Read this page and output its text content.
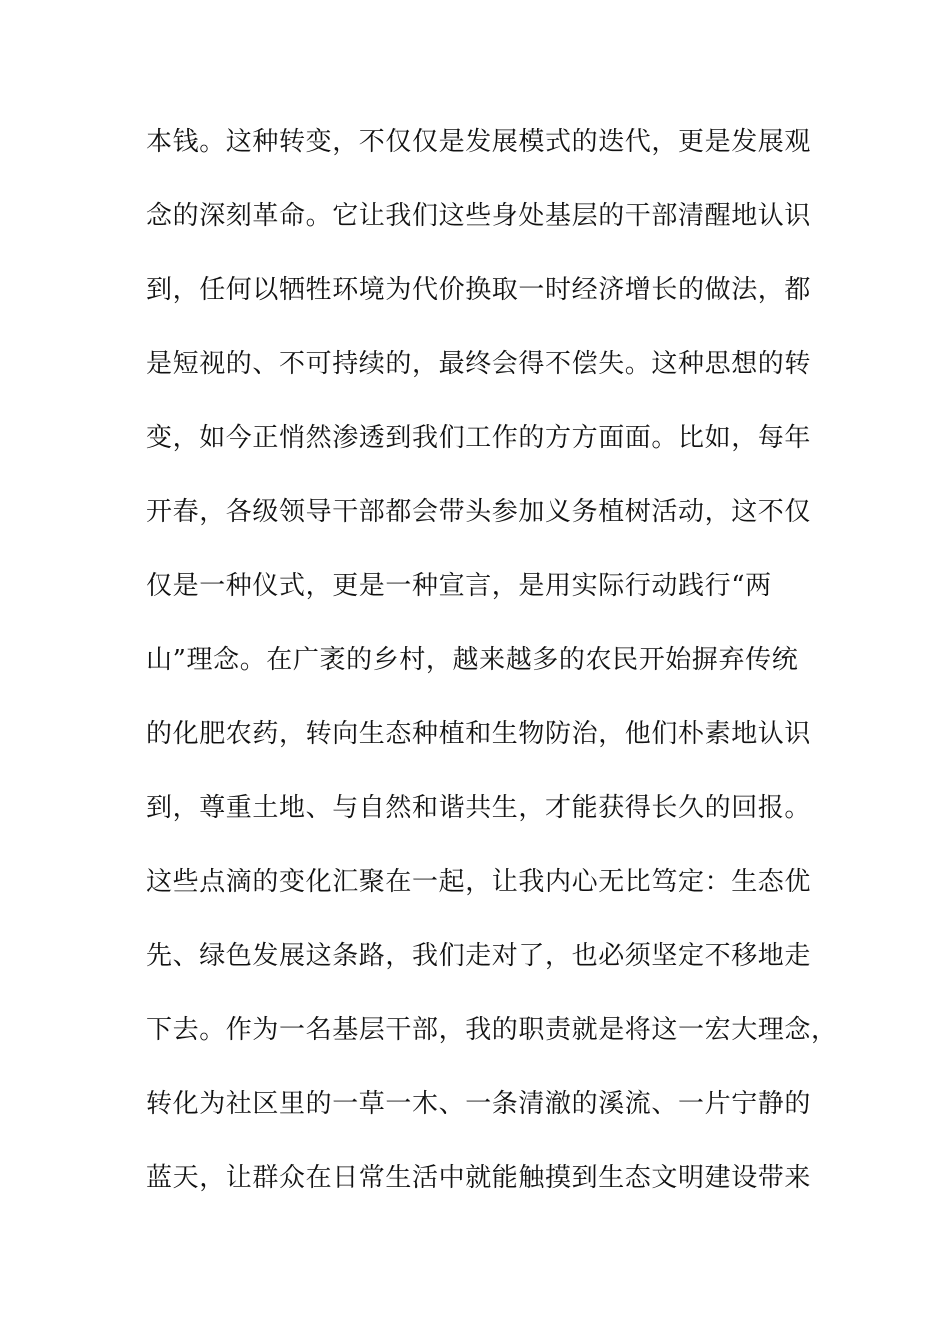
本钱。这种转变，不仅仅是发展模式的迭代，更是发展观
念的深刻革命。它让我们这些身处基层的干部清醒地认识
到，任何以牺牲环境为代价换取一时经济增长的做法，都
是短视的、不可持续的，最终会得不偿失。这种思想的转
变，如今正悄然渗透到我们工作的方方面面。比如，每年
开春，各级领导干部都会带头参加义务植树活动，这不仅
仅是一种仪式，更是一种宣言，是用实际行动践行“两
山”理念。在广袤的乡村，越来越多的农民开始摒弃传统
的化肥农药，转向生态种植和生物防治，他们朴素地认识
到，尊重土地、与自然和谐共生，才能获得长久的回报。
这些点滴的变化汇聚在一起，让我内心无比笃定：生态优
先、绿色发展这条路，我们走对了，也必须坚定不移地走
下去。作为一名基层干部，我的职责就是将这一宏大理念，
转化为社区里的一草一木、一条清澈的溪流、一片宁静的
蓝天，让群众在日常生活中就能触摸到生态文明建设带来
